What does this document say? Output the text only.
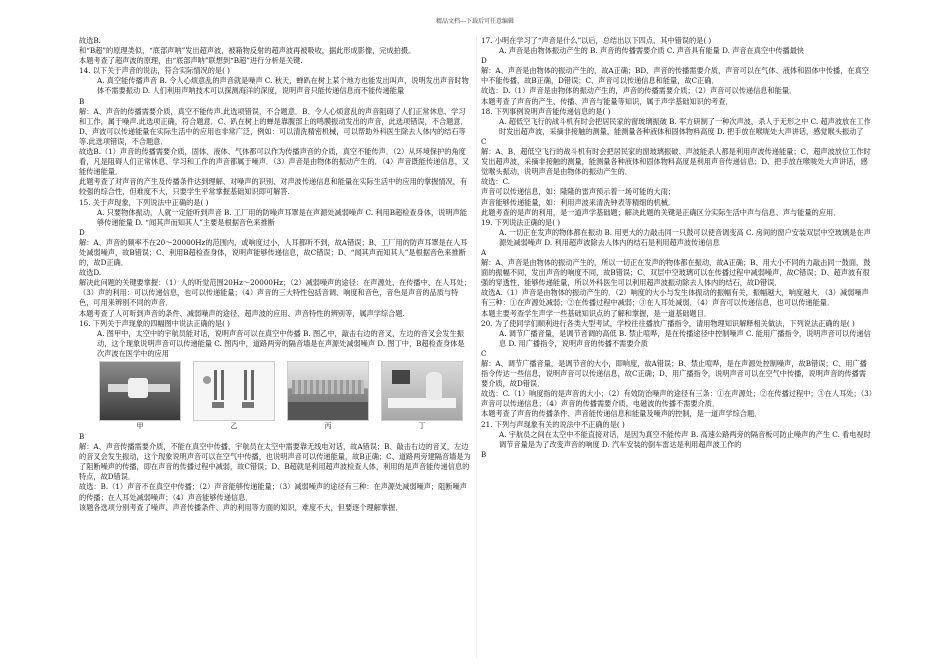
精品文档---下载后可任意编辑

故选B.

和“B超”的原理类似，“底部声呐”发出超声波，被箱物反射的超声波再被吸收，据此形成影像，完成拍摄。

本题考查了超声波的原理，由“底部声呐”联想到“B超”进行分析是关键.

14. 以下关于声音的说法，符合实际情况的是( )

A. 真空能传播声音 B. 令人心烦意乱的声音就是噪声 C. 秋天，蝉趴在树上某个地方也能发出叫声，说明发出声音时物体不需要振动 D. 人们利用声呐技术可以探测海洋的深度，说明声音只能传递信息而不能传递能量

B

解：A、声音的传播需要介质，真空不能传声.此选项错误，不合题意．B、令人心烦意乱的声音阻碍了人们正常休息、学习和工作，属于噪声.此选项正确，符合题意．C、趴在树上的蝉是靠腹部上的鸣膜振动发出的声音，此选项错误，不合题意．D、声波可以传递能量在实际生活中的应用也非常广泛，例如：可以清洗精密机械，可以帮助外科医生除去人体内的结石等等.此选项错误，不合题意．

故选B.（1）声音的传播需要介质，固体、液体、气体都可以作为传播声音的介质，真空不能传声．（2）从环境保护的角度看，凡是阻碍人们正常休息、学习和工作的声音都属于噪声．（3）声音是由物体的振动产生的．（4）声音既能传递信息，又能传递能量．

此题考查了对声音的产生及传播条件达到理解、对噪声的识别、对声波传递信息和能量在实际生活中的应用的掌握情况，有较强的综合性，但难度不大，只要学生平常掌握基础知识即可解答.

15. 关于声现象，下列说法中正确的是( )

A. 只要物体振动，人就一定能听到声音 B. 工厂用的防噪声耳罩是在声源处减弱噪声 C. 利用B超检查身体，说明声能够传递能量 D. “闻其声而知其人”主要是根据音色来推断

D

解：A、声音的频率不在20～20000Hz的范围内，或响度过小，人耳都听不到，故A错误；B、工厂用的防声耳罩是在人耳处减弱噪声，故B错误；C、利用B超检查身体，说明声能够传递信息，故C错误；D、“闻其声而知其人”是根据音色来推断的，故D正确．

故选D.

解决此问题的关键要掌握：（1）人的听觉范围20Hz～20000Hz；（2）减弱噪声的途径：在声源处、在传播中、在人耳处；（3）声的利用：可以传递信息，也可以传递能量；（4）声音的三大特性包括音调、响度和音色，音色是声音的品质与特色，可用来辨别不同的声音．

本题考查了人可听到声音的条件、减弱噪声的途径、超声波的应用、声音特性的辨别等，属声学综合题.

16. 下列关于声现象的四幅图中说法正确的是( )

A. 图甲中，太空中的宇航员能对话，说明声音可以在真空中传播 B. 图乙中，敲击右边的音叉，左边的音叉会发生振动，这个现象说明声音可以传递能量 C. 图丙中，道路两旁的隔音墙是在声源处减弱噪声 D. 图丁中，B超检查身体是次声波在医学中的应用

甲	乙	丙	丁

B

解：A、声音传播需要介质，不能在真空中传播，宇航员在太空中需要靠无线电对话，故A错误；B、敲击右边的音叉，左边的音叉会发生振动，这个现象说明声音可以在空气中传播，也说明声音可以传递能量，故B正确；C、道路两旁建隔音墙是为了阻断噪声的传播，即在声音的传播过程中减弱，故C错误；D、B超就是利用超声波检查人体，利用的是声音能传递信息的特点，故D错误．

故选：B.（1）声音不在真空中传播；（2）声音能够传递能量；（3）减弱噪声的途径有三种：在声源处减弱噪声；阻断噪声的传播；在人耳处减弱噪声；（4）声音能够传递信息．

该题各选项分别考查了噪声、声音传播条件、声的利用等方面的知识，难度不大，但要逐个理解掌握．

17. 小明在学习了“声音是什么”以后，总结出以下四点，其中错误的是( )

A. 声音是由物体振动产生的 B. 声音的传播需要介质 C. 声音具有能量 D. 声音在真空中传播最快

D

解：A、声音是由物体的振动产生的，故A正确；BD、声音的传播需要介质，声音可以在气体、液体和固体中传播，在真空中不能传播，故B正确，D错误；C、声音可以传递信息和能量，故C正确．

故选：D.（1）声音是由物体的振动产生的，声音的传播需要介质；（2）声音可以传递信息和能量．

本题考查了声音的产生、传播、声音与能量等知识，属于声学基础知识的考查．

18. 下列事例说明声音能传递信息的是( )

A. 超低空飞行的战斗机有时会把居民家的窗玻璃振破 B. 军方研制了一种次声波，杀人于无形之中 C. 超声波放在工作时发出超声波，采摘非接触的测量，能测量各种液体和固体物料高度 D. 把手放在喉咙处大声讲话，感觉喉头振动了

C

解：A、B、超低空飞行的战斗机有时会把居民家的窗玻璃振破、声波能杀人都是利用声波传递能量；C、超声波放位工作时发出超声波，采摘非接触的测量，能测量各种液体和固体物料高度是利用声音传递信息；D、把手放在喉咙处大声讲话，感觉喉头振动，说明声音是由物体的振动产生的．

故选：C.

声音可以传递信息，如：隆隆的雷声预示着一场可能的大雨；

声音能够传递能量，如：利用声波来清洗钟表等精细的机械．

此题考查的是声的利用，是一道声学基础题；解决此题的关键是正确区分实际生活中声与信息、声与能量的应用．

19. 下列说法正确的是( )

A. 一切正在发声的物体都在振动 B. 用更大的力敲击同一只鼓可以使音调变高 C. 房间的窗户安装双层中空玻璃是在声源处减弱噪声 D. 利用超声波除去人体内的结石是利用超声波传递信息

A

解：A、声音是由物体的振动产生的，所以一切正在发声的物体都在振动，故A正确；B、用大小不同的力敲击同一鼓面，鼓面的振幅不同，发出声音的响度不同，故B错误；C、双层中空玻璃可以在传播过程中减弱噪声，故C错误；D、超声波有很强的穿透性，能够传递能量，所以外科医生可以利用超声波振动除去人体内的结石，故D错误．

故选A.（1）声音是由物体的振动产生的．（2）响度的大小与发生体振动的振幅有关，振幅越大，响度越大．（3）减弱噪声有三种：①在声源处减弱；②在传播过程中减弱；③在人耳处减弱．（4）声音可以传递信息，也可以传递能量．

本题主要考查学生声学一些基础知识点的了解和掌握，是一道基础题目．

20. 为了使同学们顺利进行各类大型考试，学校往往播放广播指令，请用物理知识解释相关做法，下列说法正确的是( )

A. 调节广播音量，是调节音调的高低 B. 禁止喧哗，是在传播途径中控制噪声 C. 能用广播指令，说明声音可以传递信息 D. 用广播指令，说明声音的传播不需要介质

C

解：A、调节广播音量，是调节音的大小，即响度，故A错误；B、禁止喧哗，是在声源处控制噪声，故B错误；C、用广播指令传达一些信息，说明声音可以传递信息，故C正确；D、用广播指令，说明声音可以在空气中传播，说明声音的传播需要介质，故D错误．

故选：C.（1）响度指的是声音的大小；（2）有效防治噪声的途径有三条：①在声源处；②在传播过程中；③在人耳处；（3）声音可以传递信息；（4）声音的传播需要介质，电磁波的传播不需要介质．

本题考查了声音的传播条件、声音能传递信息和能量及噪声的控制，是一道声学综合题．

21. 下列与声现象有关的说法中不正确的是( )

A. 宇航员之间在太空中不能直接对话，是因为真空不能传声 B. 高速公路两旁的隔音板可防止噪声的产生 C. 看电视时调节音量是为了改变声音的响度 D. 汽车安装的倒车雷达是利用超声波工作的

B
